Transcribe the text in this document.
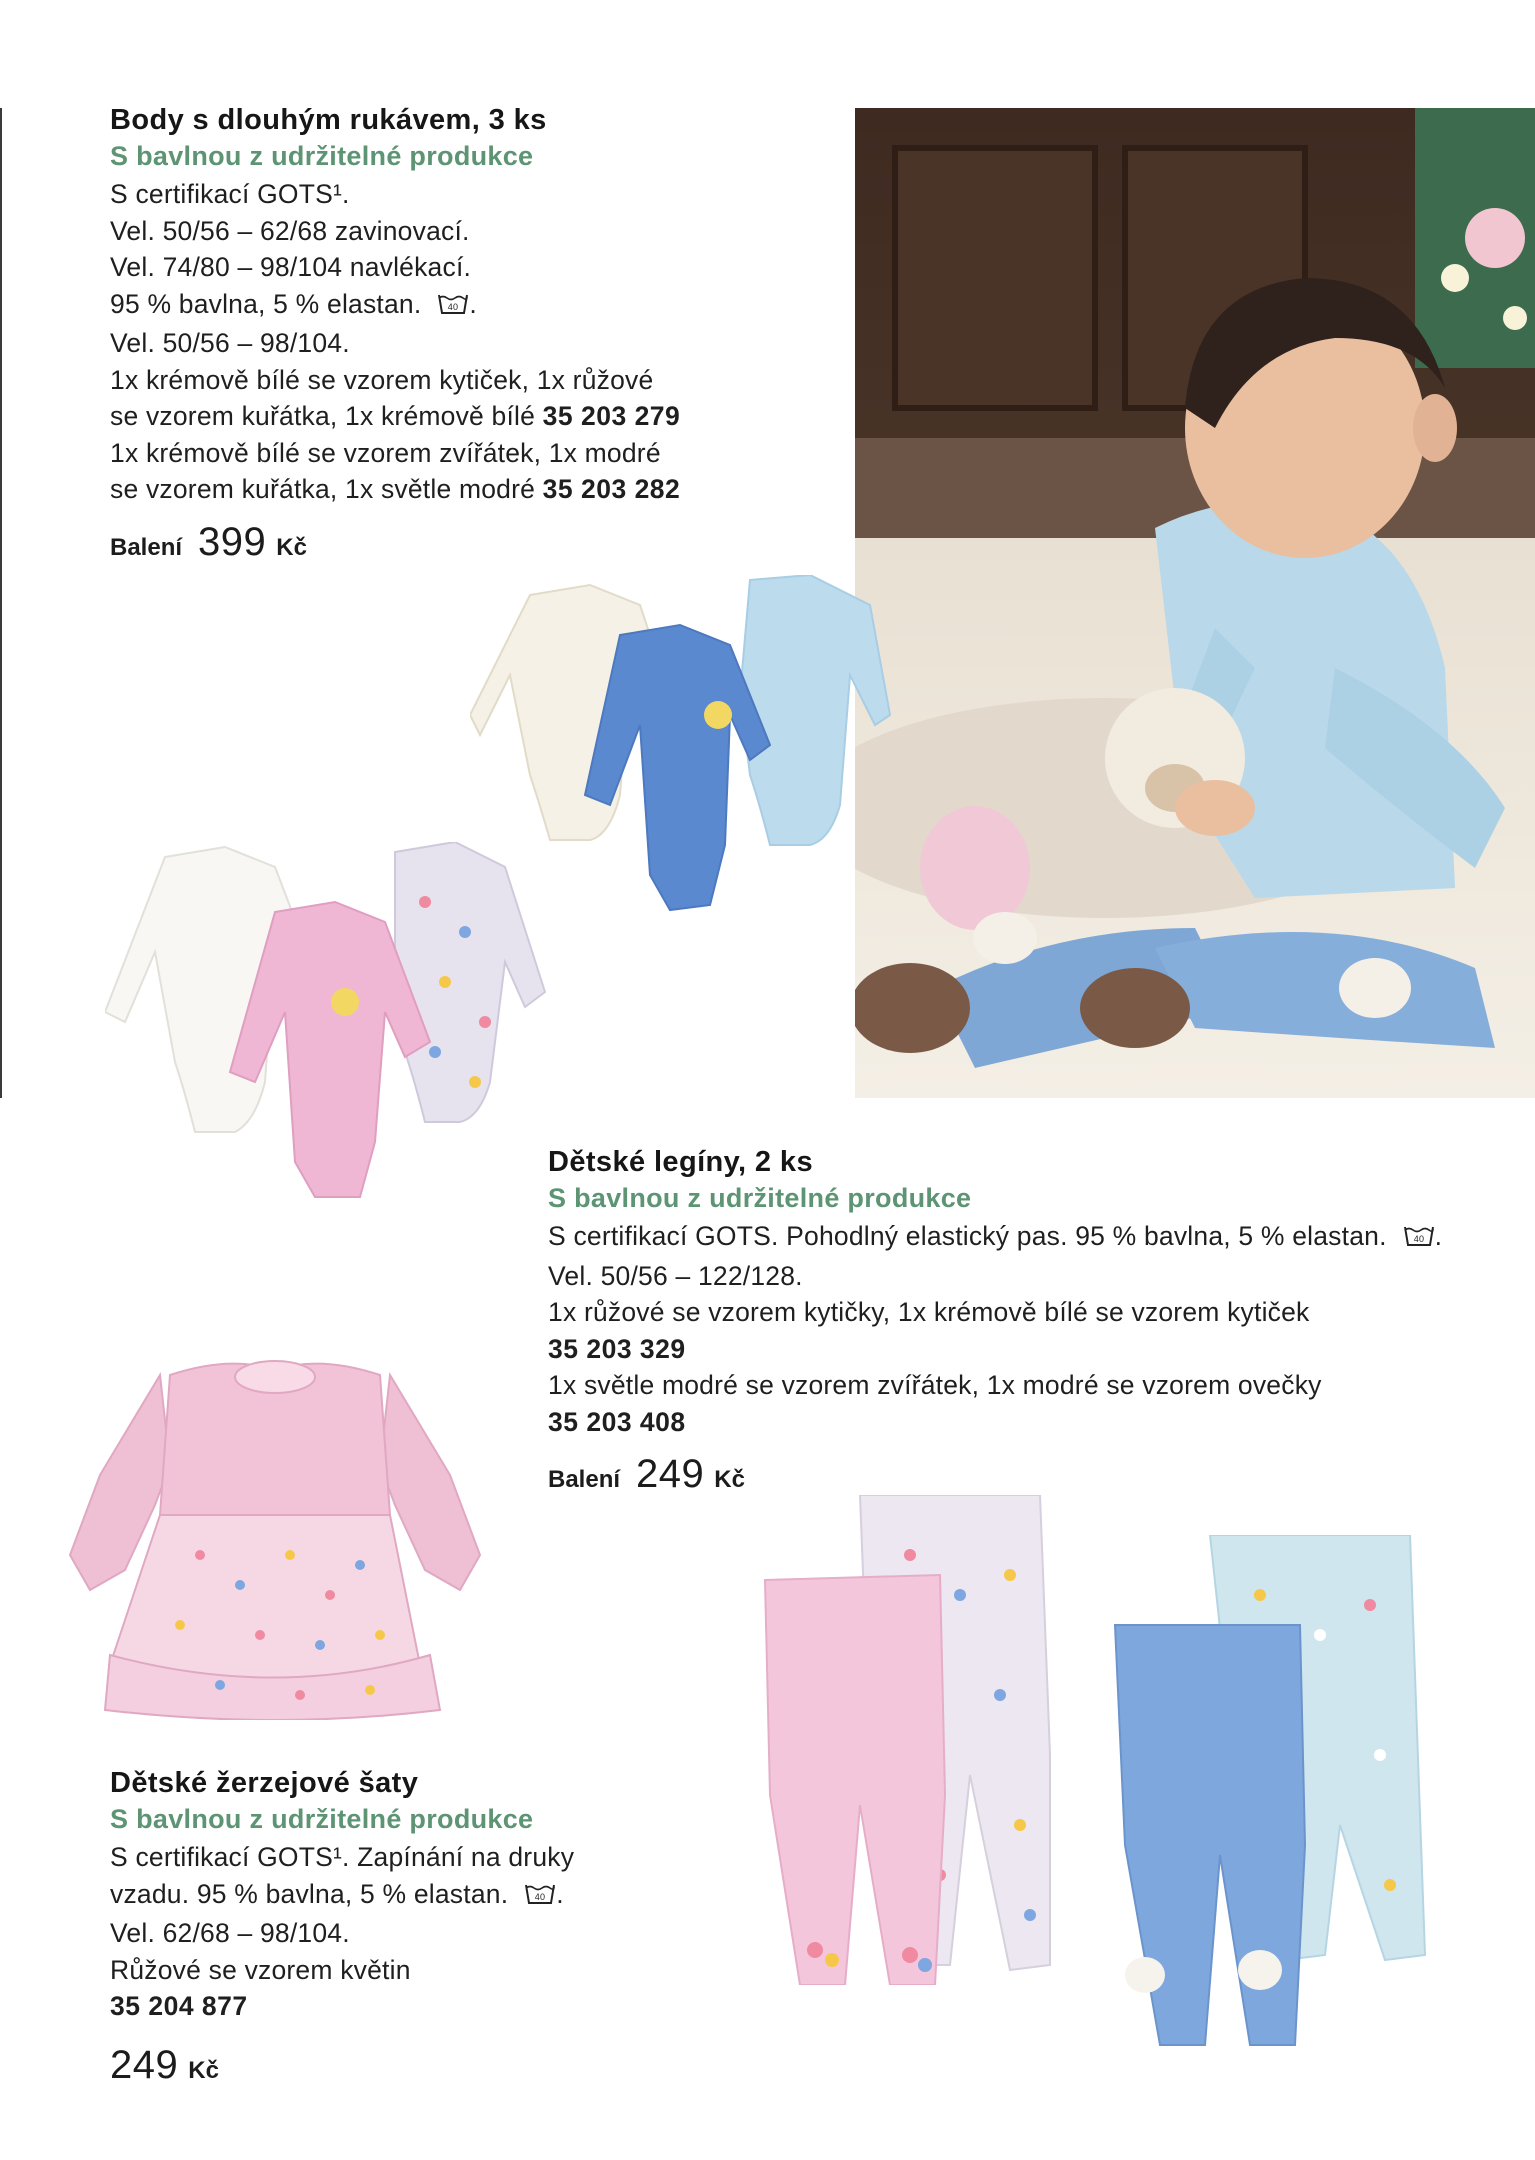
Body s dlouhým rukávem, 3 ks
S bavlnou z udržitelné produkce
S certifikací GOTS¹.
Vel. 50/56 – 62/68 zavinovací.
Vel. 74/80 – 98/104 navlékací.
95 % bavlna, 5 % elastan.	40 .
Vel. 50/56 – 98/104.
1x krémově bílé se vzorem kytiček, 1x růžové
se vzorem kuřátka, 1x krémově bílé 35 203 279
1x krémově bílé se vzorem zvířátek, 1x modré
se vzorem kuřátka, 1x světle modré 35 203 282
Balení 399 Kč
Dětské legíny, 2 ks
S bavlnou z udržitelné produkce
S certifikací GOTS. Pohodlný elastický pas. 95 % bavlna, 5 % elastan.	40 .
Vel. 50/56 – 122/128.
1x růžové se vzorem kytičky, 1x krémově bílé se vzorem kytiček
35 203 329
1x světle modré se vzorem zvířátek, 1x modré se vzorem ovečky
35 203 408
Balení 249 Kč
Dětské žerzejové šaty
S bavlnou z udržitelné produkce
S certifikací GOTS¹. Zapínání na druky
vzadu. 95 % bavlna, 5 % elastan.	40 .
Vel. 62/68 – 98/104.
Růžové se vzorem květin
35 204 877
249 Kč
